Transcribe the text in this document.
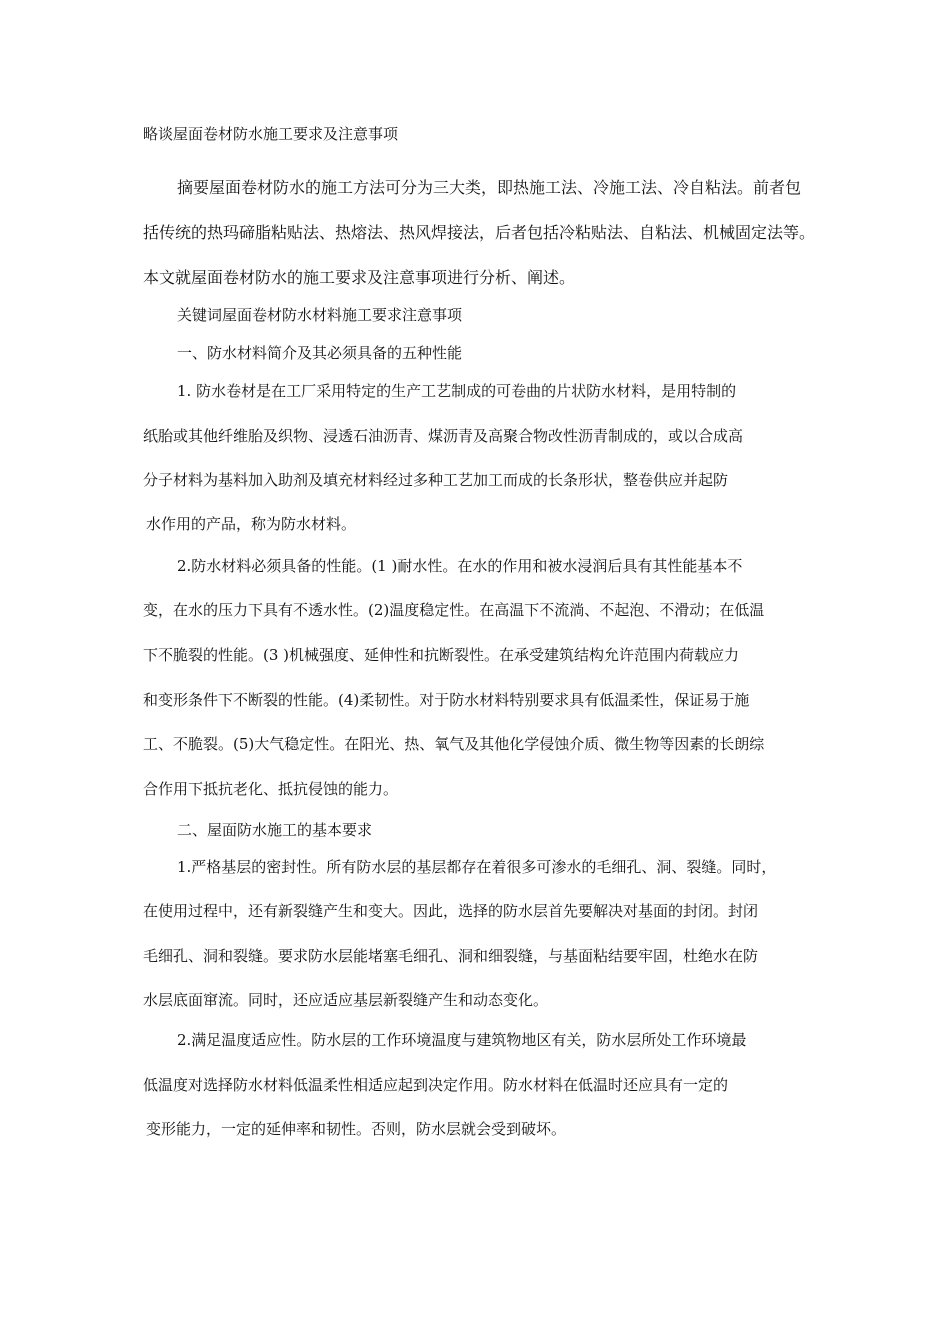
略谈屋面卷材防水施工要求及注意事项
摘要屋面卷材防水的施工方法可分为三大类，即热施工法、冷施工法、冷自粘法。前者包
括传统的热玛碲脂粘贴法、热熔法、热风焊接法，后者包括冷粘贴法、自粘法、机械固定法等。
本文就屋面卷材防水的施工要求及注意事项进行分析、阐述。
关键词屋面卷材防水材料施工要求注意事项
一、防水材料简介及其必须具备的五种性能
1. 防水卷材是在工厂采用特定的生产工艺制成的可卷曲的片状防水材料，是用特制的
纸胎或其他纤维胎及织物、浸透石油沥青、煤沥青及高聚合物改性沥青制成的，或以合成高
分子材料为基料加入助剂及填充材料经过多种工艺加工而成的长条形状，整卷供应并起防
水作用的产品，称为防水材料。
2.防水材料必须具备的性能。(1 )耐水性。在水的作用和被水浸润后具有其性能基本不
变，在水的压力下具有不透水性。(2)温度稳定性。在高温下不流淌、不起泡、不滑动；在低温
下不脆裂的性能。(3 )机械强度、延伸性和抗断裂性。在承受建筑结构允许范围内荷载应力
和变形条件下不断裂的性能。(4)柔韧性。对于防水材料特别要求具有低温柔性，保证易于施
工、不脆裂。(5)大气稳定性。在阳光、热、氧气及其他化学侵蚀介质、微生物等因素的长朗综
合作用下抵抗老化、抵抗侵蚀的能力。
二、屋面防水施工的基本要求
1.严格基层的密封性。所有防水层的基层都存在着很多可渗水的毛细孔、洞、裂缝。同时，
在使用过程中，还有新裂缝产生和变大。因此，选择的防水层首先要解决对基面的封闭。封闭
毛细孔、洞和裂缝。要求防水层能堵塞毛细孔、洞和细裂缝，与基面粘结要牢固，杜绝水在防
水层底面窜流。同时，还应适应基层新裂缝产生和动态变化。
2.满足温度适应性。防水层的工作环境温度与建筑物地区有关，防水层所处工作环境最
低温度对选择防水材料低温柔性相适应起到决定作用。防水材料在低温时还应具有一定的
变形能力，一定的延伸率和韧性。否则，防水层就会受到破坏。
